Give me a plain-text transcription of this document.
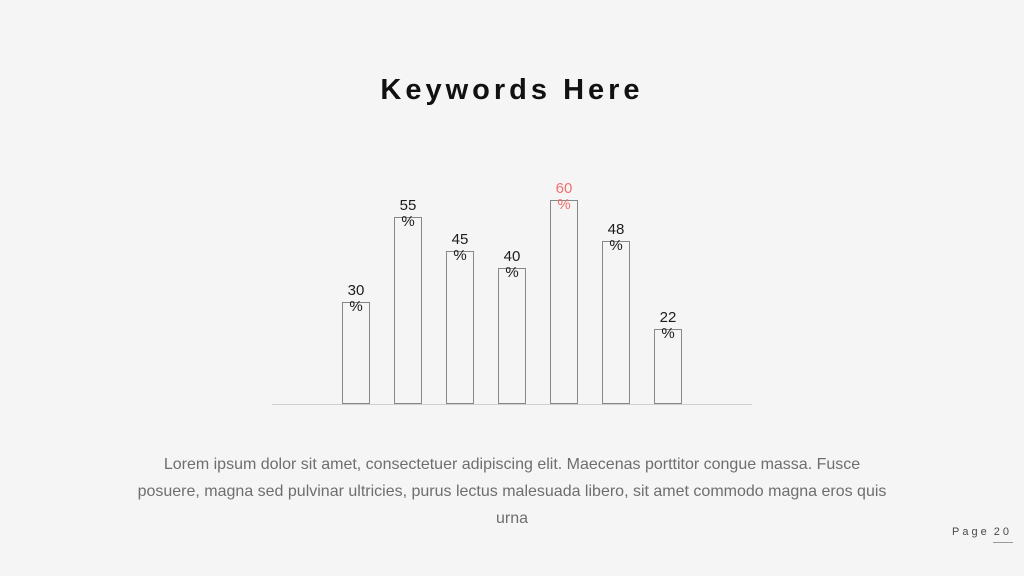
Keywords Here
30
%
55
%
45
% 40
%
60
%
48
%
22
%
Lorem ipsum dolor sit amet, consectetuer adipiscing elit. Maecenas porttitor congue massa. Fusce
posuere, magna sed pulvinar ultricies, purus lectus malesuada libero, sit amet commodo magna eros quis
urna
Page 20
